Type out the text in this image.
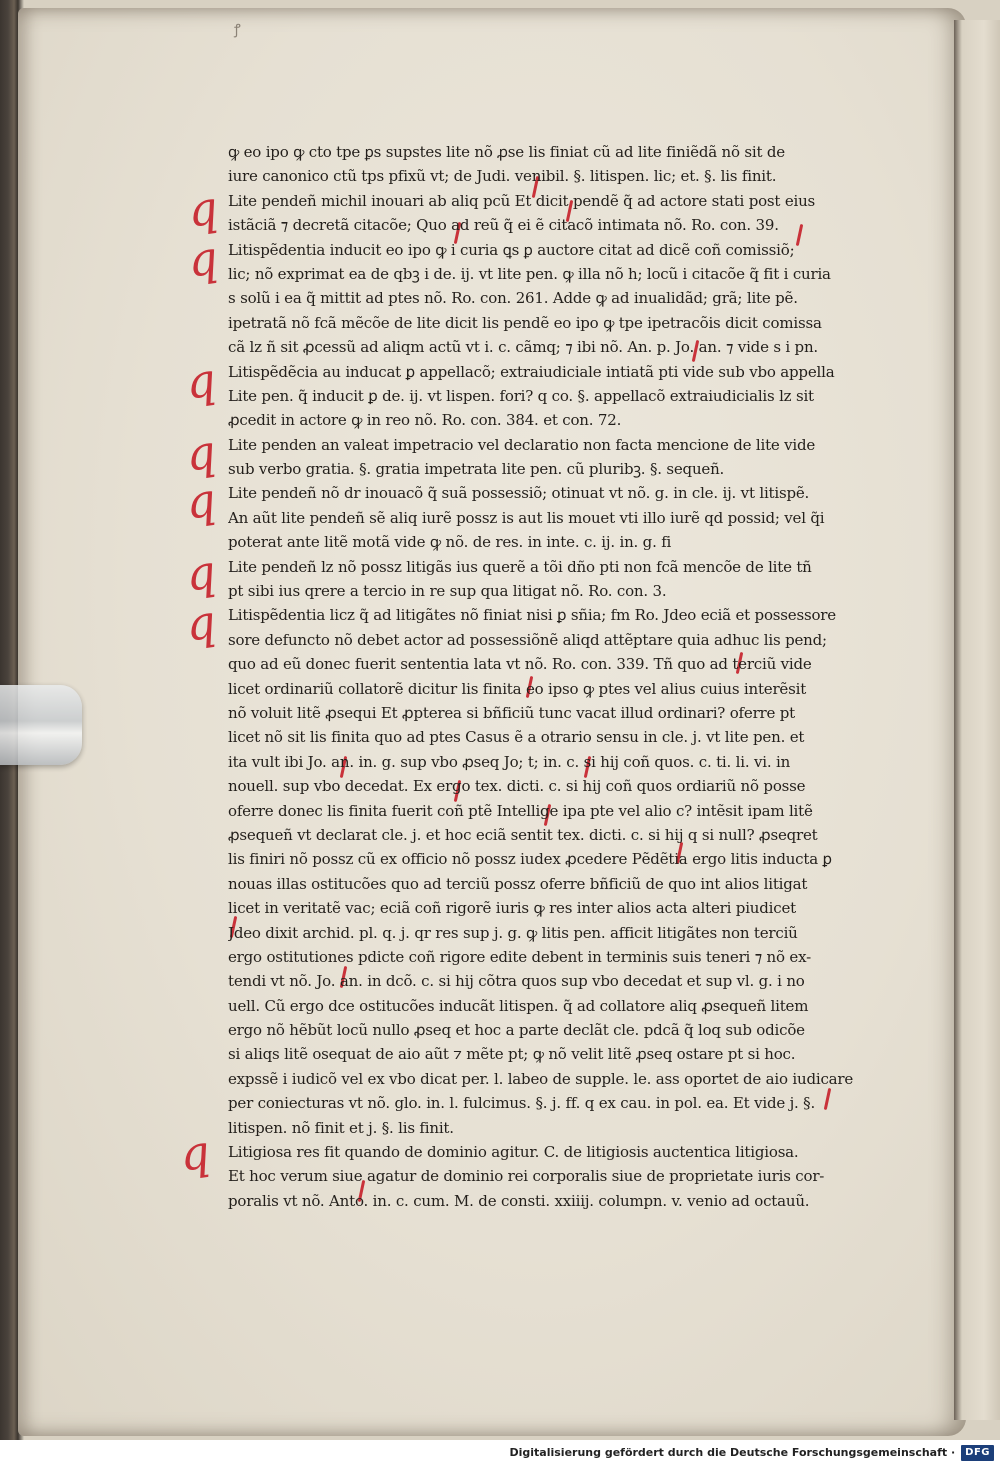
ꝭ
q
q
q
q
q
q
q
q
ꝙ eo ipo ꝙ cto tpe ꝑs supstes lite nõ ꝓse lis finiat cũ ad lite finiẽdã nõ sit de
iure canonico ctũ tps pfixũ vt; de Judi. venibil. §. litispen. lic; et. §. lis finit.
Lite pendeñ michil inouari ab aliq pcũ Et dicit pendẽ q̃ ad actore stati post eius
istãciã ⁊ decretã citacõe; Quo ad reũ q̃ ei ẽ citacõ intimata nõ. Ro. con. 39.
Litispẽdentia inducit eo ipo ꝙ i curia ꝗs ꝑ auctore citat ad dicẽ coñ comissiõ;
lic; nõ exprimat ea de qbꝫ i de. ij. vt lite pen. ꝙ illa nõ h; locũ i citacõe q̃ fit i curia
s solũ i ea q̃ mittit ad ptes nõ. Ro. con. 261. Adde ꝙ ad inualidãd; grã; lite pẽ.
ipetratã nõ fcã mẽcõe de lite dicit lis pendẽ eo ipo ꝙ tpe ipetracõis dicit comissa
cã lz ñ sit ꝓcessũ ad aliqm actũ vt i. c. cãmq; ⁊ ibi nõ. An. p. Jo. an. ⁊ vide s i pn.
Litispẽdẽcia au inducat ꝑ appellacõ; extraiudiciale intiatã pti vide sub vbo appella
Lite pen. q̃ inducit ꝑ de. ij. vt lispen. fori? q co. §. appellacõ extraiudicialis lz sit
ꝓcedit in actore ꝙ in reo nõ. Ro. con. 384. et con. 72.
Lite penden an valeat impetracio vel declaratio non facta mencione de lite vide
sub verbo gratia. §. gratia impetrata lite pen. cũ pluribꝫ. §. sequeñ.
Lite pendeñ nõ dr inouacõ q̃ suã possessiõ; otinuat vt nõ. g. in cle. ij. vt litispẽ.
An aũt lite pendeñ sẽ aliq iurẽ possz is aut lis mouet vti illo iurẽ qd possid; vel q̃i
poterat ante litẽ motã vide ꝙ nõ. de res. in inte. c. ij. in. g. fi
Lite pendeñ lz nõ possz litigãs ius querẽ a tõi dño pti non fcã mencõe de lite tñ
pt sibi ius qrere a tercio in re sup qua litigat nõ. Ro. con. 3.
Litispẽdentia licz q̃ ad litigãtes nõ finiat nisi ꝑ sñia; fm Ro. Jdeo eciã et possessore
sore defuncto nõ debet actor ad possessiõnẽ aliqd attẽptare quia adhuc lis pend;
quo ad eũ donec fuerit sententia lata vt nõ. Ro. con. 339. Tñ quo ad terciũ vide
licet ordinariũ collatorẽ dicitur lis finita eo ipso ꝙ ptes vel alius cuius interẽsit
nõ voluit litẽ ꝓsequi Et ꝓpterea si bñficiũ tunc vacat illud ordinari? oferre pt
licet nõ sit lis finita quo ad ptes Casus ẽ a otrario sensu in cle. j. vt lite pen. et
ita vult ibi Jo. an. in. g. sup vbo ꝓseq Jo; t; in. c. si hij coñ quos. c. ti. li. vi. in
nouell. sup vbo decedat. Ex ergo tex. dicti. c. si hij coñ quos ordiariũ nõ posse
oferre donec lis finita fuerit coñ ptẽ Intellige ipa pte vel alio c? intẽsit ipam litẽ
ꝓsequeñ vt declarat cle. j. et hoc eciã sentit tex. dicti. c. si hij q si null? ꝓseqret
lis finiri nõ possz cũ ex officio nõ possz iudex ꝓcedere Pẽdẽtia ergo litis inducta ꝑ
nouas illas ostitucões quo ad terciũ possz oferre bñficiũ de quo int alios litigat
licet in veritatẽ vac; eciã coñ rigorẽ iuris ꝙ res inter alios acta alteri piudicet
Jdeo dixit archid. pl. q. j. qr res sup j. g. ꝙ litis pen. afficit litigãtes non terciũ
ergo ostitutiones pdicte coñ rigore edite debent in terminis suis teneri ⁊ nõ ex-
tendi vt nõ. Jo. an. in dcõ. c. si hij cõtra quos sup vbo decedat et sup vl. g. i no
uell. Cũ ergo dce ostitucões inducãt litispen. q̃ ad collatore aliq ꝓsequeñ litem
ergo nõ hẽbũt locũ nullo ꝓseq et hoc a parte declãt cle. pdcã q̃ loq sub odicõe
si aliqs litẽ osequat de aio aũt ⁊ mẽte pt; ꝙ nõ velit litẽ ꝓseq ostare pt si hoc.
expssẽ i iudicõ vel ex vbo dicat per. l. labeo de supple. le. ass oportet de aio iudicare
per coniecturas vt nõ. glo. in. l. fulcimus. §. j. ff. q ex cau. in pol. ea. Et vide j. §.
litispen. nõ finit et j. §. lis finit.
Litigiosa res fit quando de dominio agitur. C. de litigiosis auctentica litigiosa.
Et hoc verum siue agatur de dominio rei corporalis siue de proprietate iuris cor-
poralis vt nõ. Anto. in. c. cum. M. de consti. xxiiij. columpn. v. venio ad octauũ.
Digitalisierung gefördert durch die Deutsche Forschungsgemeinschaft ·	DFG
